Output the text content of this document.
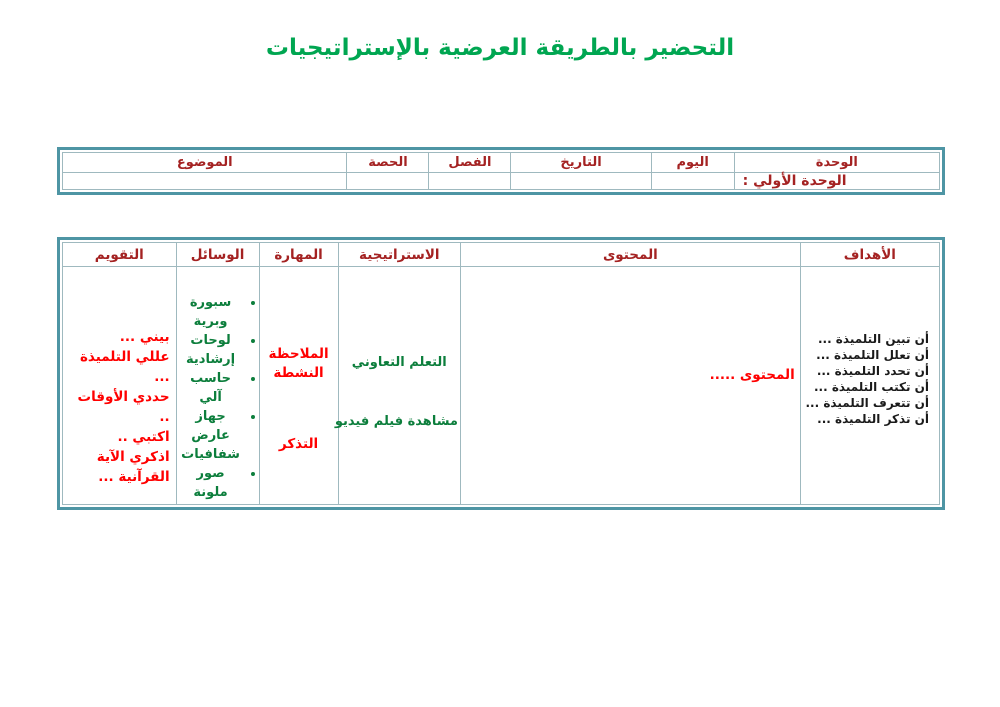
التحضير بالطريقة العرضية بالإستراتيجيات
الوحدة	اليوم	التاريخ	الفصل	الحصة	الموضوع
الوحدة الأولي :					
الأهداف	المحتوى	الاستراتيجية	المهارة	الوسائل	التقويم

أن تبين التلميذة ...
أن تعلل التلميذة ...
أن تحدد التلميذة ...
أن تكتب التلميذة ...
أن تتعرف التلميذة ...
أن تذكر التلميذة ...

المحتوى .....

التعلم التعاوني
مشاهدة فيلم فيديو

الملاحظة النشطة
التذكر

• سبورة وبرية
• لوحات إرشادية
• حاسب آلي
• جهاز عارض شفافيات
• صور ملونة

بيني ...
عللي التلميذة ...
حددي الأوقات ..
اكتبي ..
اذكري الآية القرآنية ...
